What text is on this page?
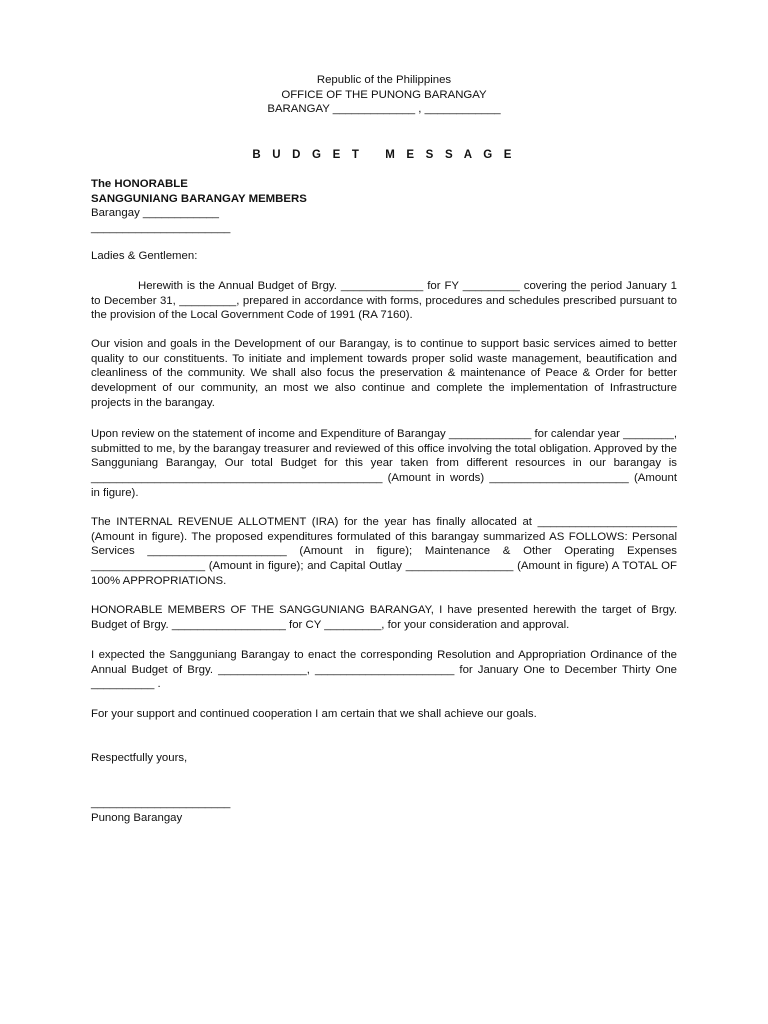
Republic of the Philippines
OFFICE OF THE PUNONG BARANGAY
BARANGAY _____________ , ____________
B U D G E T   M E S S A G E
The HONORABLE
SANGGUNIANG BARANGAY MEMBERS
Barangay ____________
______________________
Ladies & Gentlemen:

Herewith is the Annual Budget of Brgy. _____________ for FY _________ covering the period January 1 to December 31, _________, prepared in accordance with forms, procedures and schedules prescribed pursuant to the provision of the Local Government Code of 1991 (RA 7160).

Our vision and goals in the Development of our Barangay, is to continue to support basic services aimed to better quality to our constituents. To initiate and implement towards proper solid waste management, beautification and cleanliness of the community. We shall also focus the preservation & maintenance of Peace & Order for better development of our community, an most we also continue and complete the implementation of Infrastructure projects in the barangay.

Upon review on the statement of income and Expenditure of Barangay _____________ for calendar year ________, submitted to me, by the barangay treasurer and reviewed of this office involving the total obligation. Approved by the Sangguniang Barangay, Our total Budget for this year taken from different resources in our barangay is ______________________________________________ (Amount in words) ______________________ (Amount in figure).

The INTERNAL REVENUE ALLOTMENT (IRA) for the year has finally allocated at ______________________ (Amount in figure). The proposed expenditures formulated of this barangay summarized AS FOLLOWS: Personal Services ______________________ (Amount in figure); Maintenance & Other Operating Expenses __________________ (Amount in figure); and Capital Outlay _________________ (Amount in figure) A TOTAL OF 100% APPROPRIATIONS.

HONORABLE MEMBERS OF THE SANGGUNIANG BARANGAY, I have presented herewith the target of Brgy. Budget of Brgy. __________________ for CY _________, for your consideration and approval.

I expected the Sangguniang Barangay to enact the corresponding Resolution and Appropriation Ordinance of the Annual Budget of Brgy. ______________, ______________________ for January One to December Thirty One __________ .

For your support and continued cooperation I am certain that we shall achieve our goals.

Respectfully yours,
______________________
Punong Barangay
